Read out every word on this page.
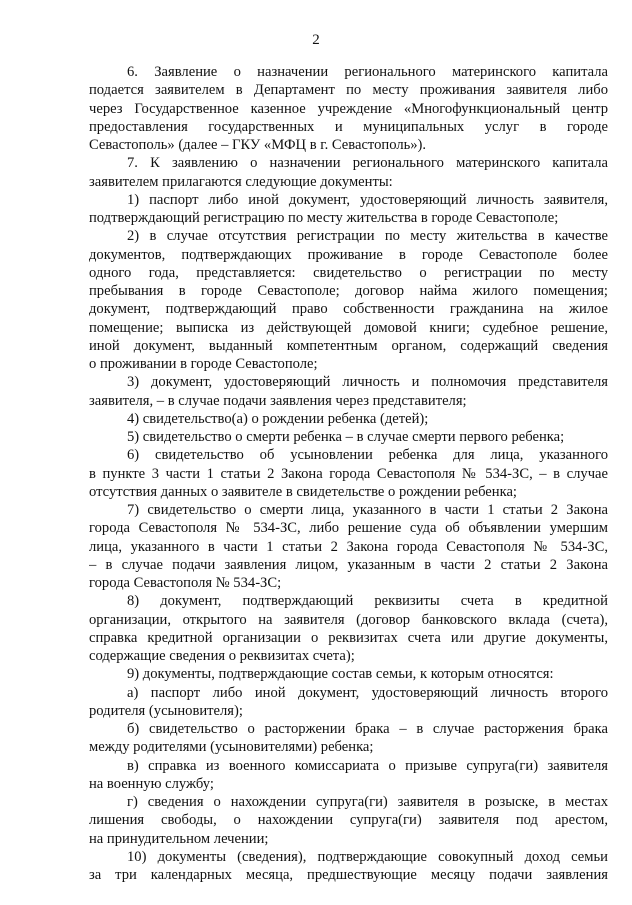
2
6. Заявление о назначении регионального материнского капитала
подается заявителем в Департамент по месту проживания заявителя либо
через Государственное казенное учреждение «Многофункциональный центр
предоставления государственных и муниципальных услуг в городе
Севастополь» (далее – ГКУ «МФЦ в г. Севастополь»).
7. К заявлению о назначении регионального материнского капитала
заявителем прилагаются следующие документы:
1) паспорт либо иной документ, удостоверяющий личность заявителя,
подтверждающий регистрацию по месту жительства в городе Севастополе;
2) в случае отсутствия регистрации по месту жительства в качестве
документов, подтверждающих проживание в городе Севастополе более
одного года, представляется: свидетельство о регистрации по месту
пребывания в городе Севастополе; договор найма жилого помещения;
документ, подтверждающий право собственности гражданина на жилое
помещение; выписка из действующей домовой книги; судебное решение,
иной документ, выданный компетентным органом, содержащий сведения
о проживании в городе Севастополе;
3) документ, удостоверяющий личность и полномочия представителя
заявителя, – в случае подачи заявления через представителя;
4) свидетельство(а) о рождении ребенка (детей);
5) свидетельство о смерти ребенка – в случае смерти первого ребенка;
6) свидетельство об усыновлении ребенка для лица, указанного
в пункте 3 части 1 статьи 2 Закона города Севастополя № 534-ЗС, – в случае
отсутствия данных о заявителе в свидетельстве о рождении ребенка;
7) свидетельство о смерти лица, указанного в части 1 статьи 2 Закона
города Севастополя № 534-ЗС, либо решение суда об объявлении умершим
лица, указанного в части 1 статьи 2 Закона города Севастополя № 534-ЗС,
– в случае подачи заявления лицом, указанным в части 2 статьи 2 Закона
города Севастополя № 534-ЗС;
8) документ, подтверждающий реквизиты счета в кредитной
организации, открытого на заявителя (договор банковского вклада (счета),
справка кредитной организации о реквизитах счета или другие документы,
содержащие сведения о реквизитах счета);
9) документы, подтверждающие состав семьи, к которым относятся:
а) паспорт либо иной документ, удостоверяющий личность второго
родителя (усыновителя);
б) свидетельство о расторжении брака – в случае расторжения брака
между родителями (усыновителями) ребенка;
в) справка из военного комиссариата о призыве супруга(ги) заявителя
на военную службу;
г) сведения о нахождении супруга(ги) заявителя в розыске, в местах
лишения свободы, о нахождении супруга(ги) заявителя под арестом,
на принудительном лечении;
10) документы (сведения), подтверждающие совокупный доход семьи
за три календарных месяца, предшествующие месяцу подачи заявления
